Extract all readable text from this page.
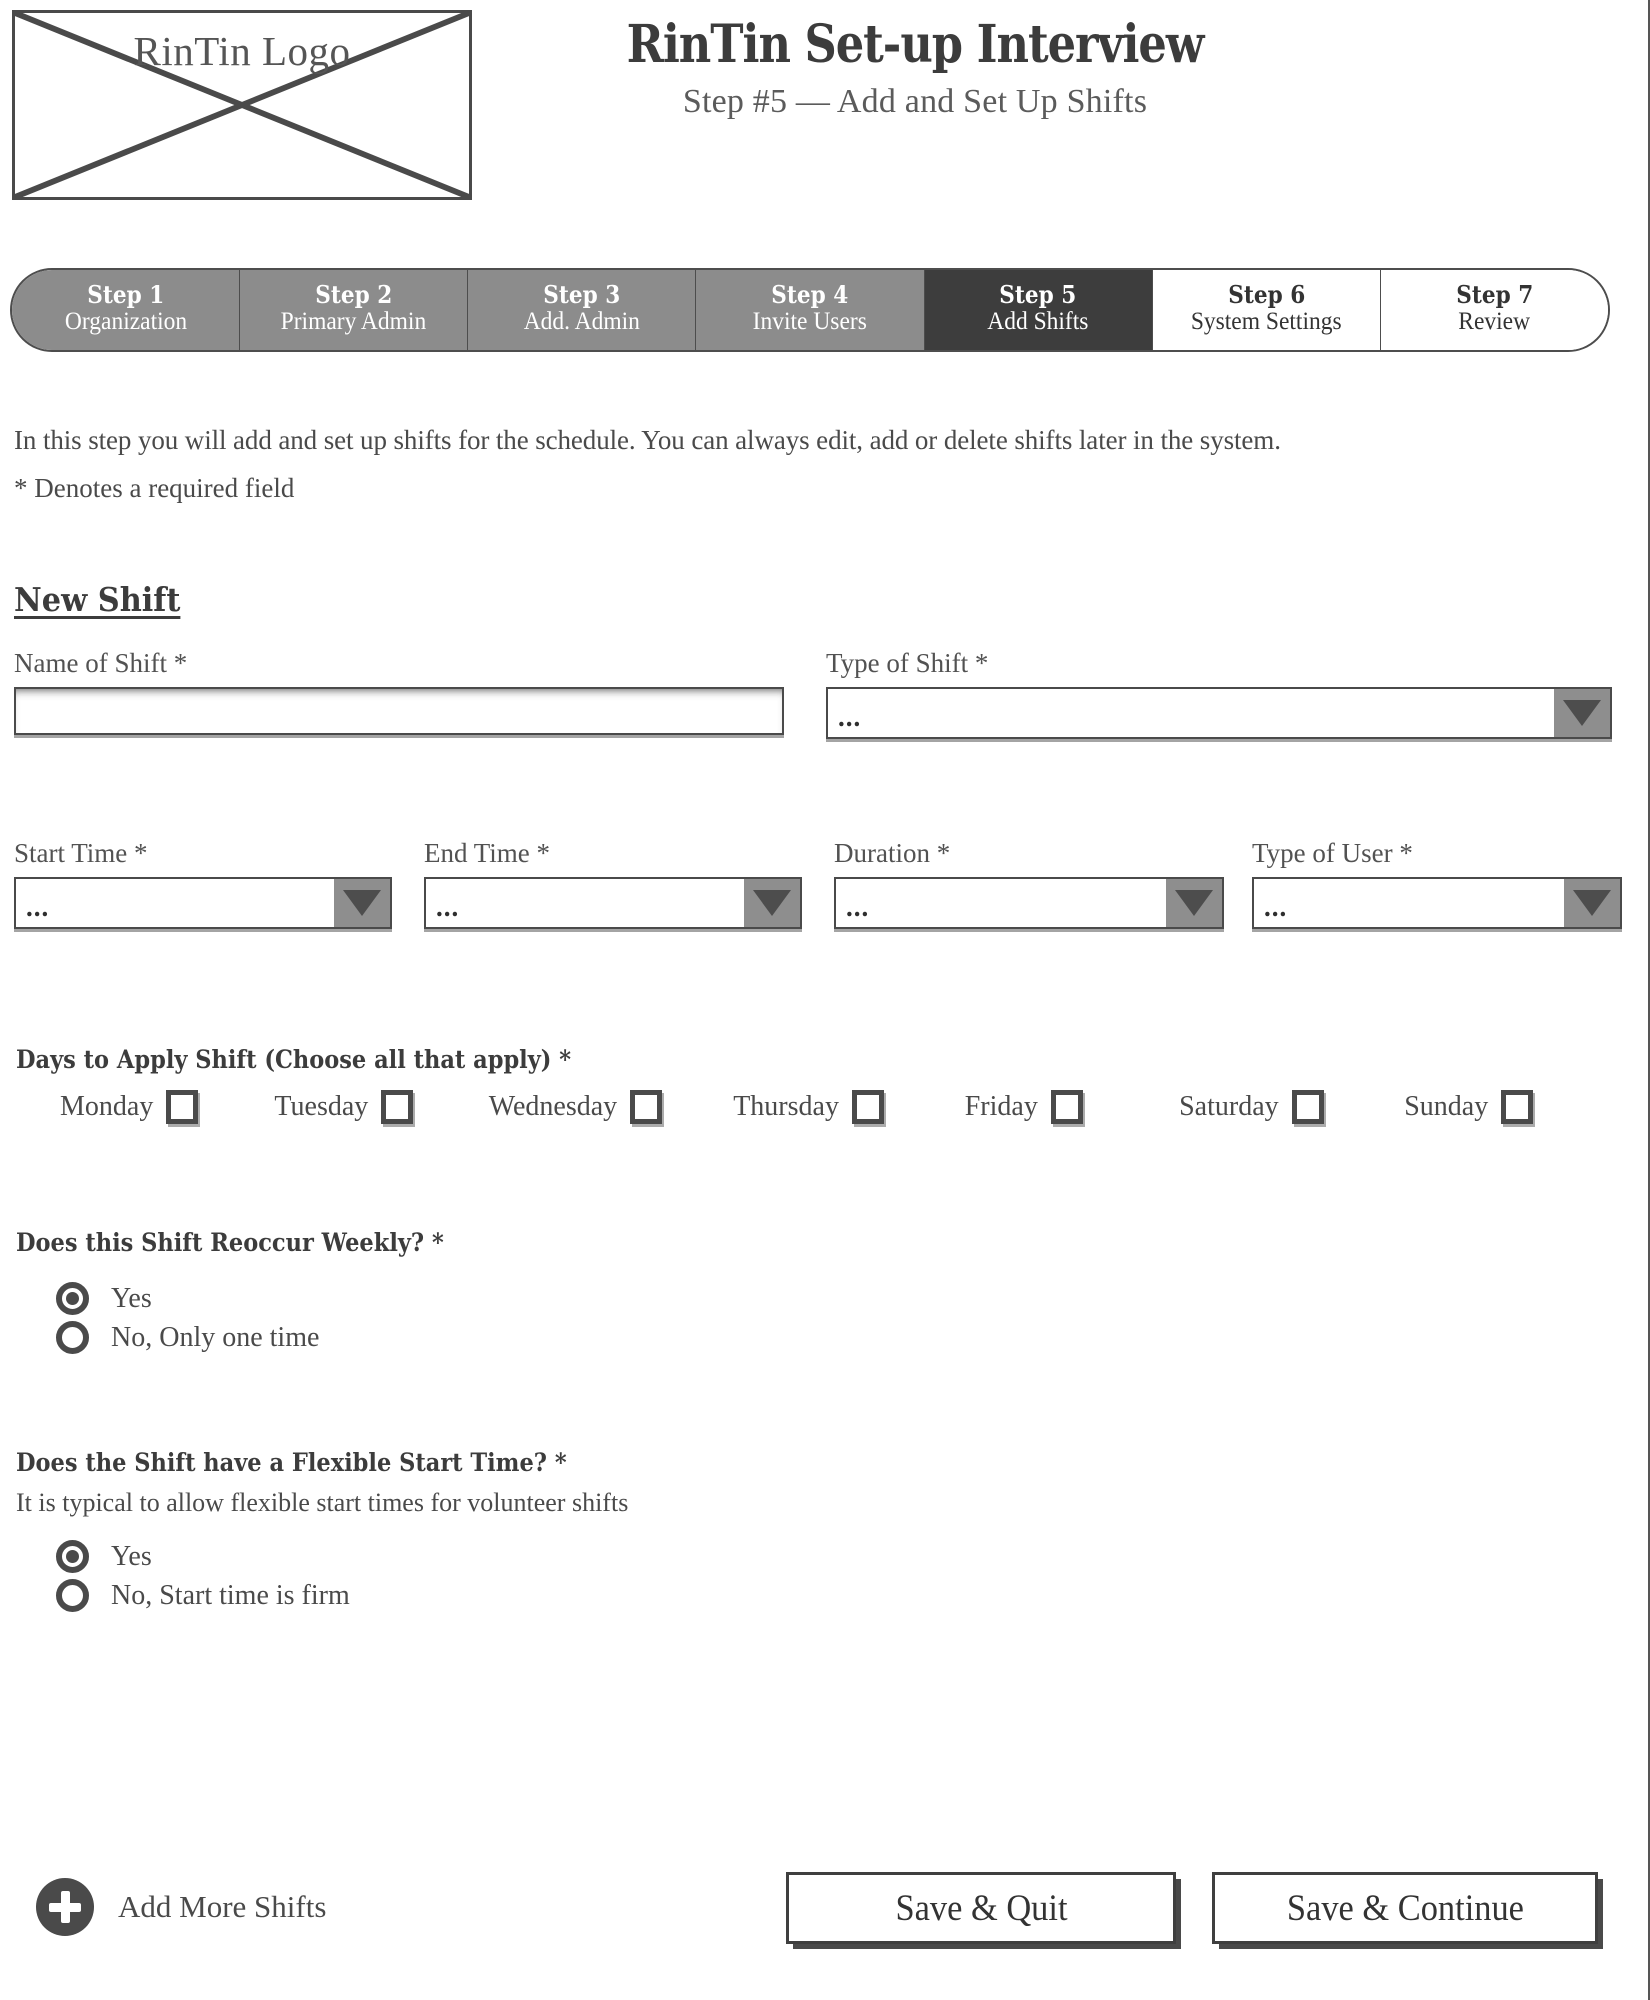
RinTin Logo	RinTin Set-up Interview
Step #5 — Add and Set Up Shifts
Step 1
Organization
Step 2
Primary Admin
Step 3
Add. Admin
Step 4
Invite Users
Step 5
Add Shifts
Step 6
System Settings
Step 7
Review
In this step you will add and set up shifts for the schedule. You can always edit, add or delete shifts later in the system.
* Denotes a required field
New Shift
Name of Shift *	Type of Shift *
...
Start Time *
...
End Time *
...
Duration *
...
Type of User *
...
Days to Apply Shift (Choose all that apply) *
Monday	Tuesday	Wednesday	Thursday	Friday	Saturday	Sunday
Does this Shift Reoccur Weekly? *
Yes
No, Only one time
Does the Shift have a Flexible Start Time? *
It is typical to allow flexible start times for volunteer shifts
Yes
No, Start time is firm
Add More Shifts	Save & Quit	Save & Continue
